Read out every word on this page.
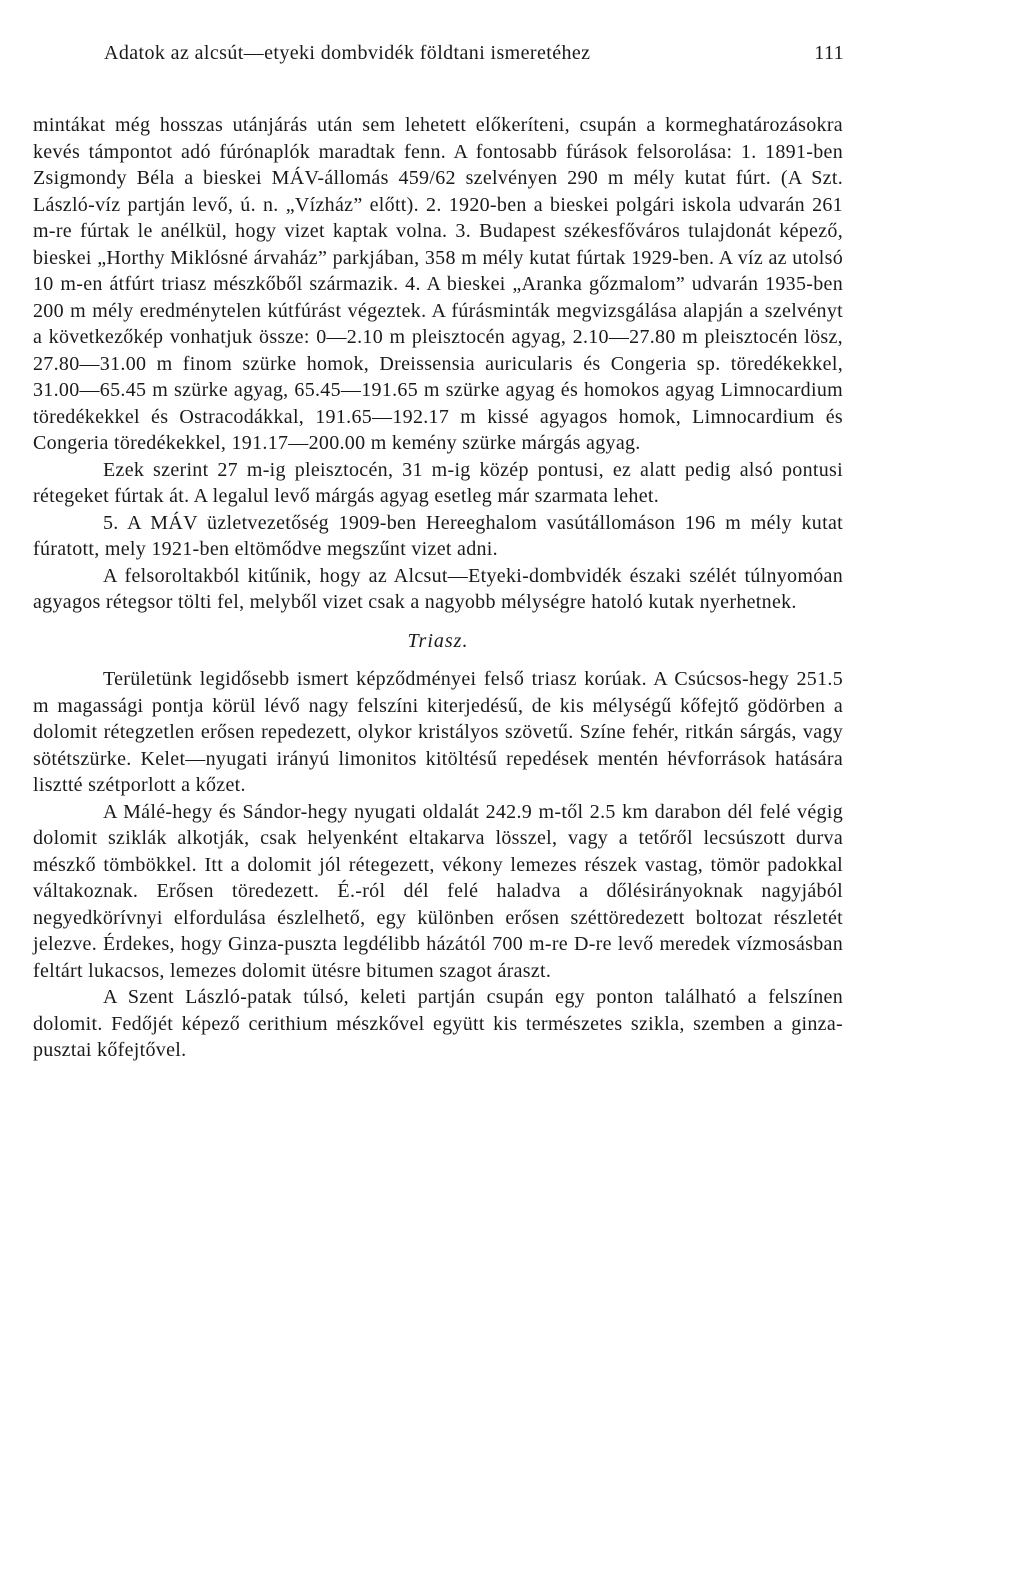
Adatok az alcsút—etyeki dombvidék földtani ismeretéhez	111

mintákat még hosszas utánjárás után sem lehetett előkeríteni, csupán a kormeghatározásokra kevés támpontot adó fúrónaplók maradtak fenn. A fontosabb fúrások felsorolása: 1. 1891-ben Zsigmondy Béla a bieskei MÁV-állomás 459/62 szelvényen 290 m mély kutat fúrt. (A Szt. László-víz partján levő, ú. n. „Vízház” előtt). 2. 1920-ben a bieskei polgári iskola udvarán 261 m-re fúrtak le anélkül, hogy vizet kaptak volna. 3. Budapest székesfőváros tulajdonát képező, bieskei „Horthy Miklósné árvaház” parkjában, 358 m mély kutat fúrtak 1929-ben. A víz az utolsó 10 m-en átfúrt triasz mészkőből származik. 4. A bieskei „Aranka gőzmalom” udvarán 1935-ben 200 m mély eredménytelen kútfúrást végeztek. A fúrásminták megvizsgálása alapján a szelvényt a következőkép vonhatjuk össze: 0—2.10 m pleisztocén agyag, 2.10—27.80 m pleisztocén lösz, 27.80—31.00 m finom szürke homok, Dreissensia auricularis és Congeria sp. töredékekkel, 31.00—65.45 m szürke agyag, 65.45—191.65 m szürke agyag és homokos agyag Limnocardium töredékekkel és Ostracodákkal, 191.65—192.17 m kissé agyagos homok, Limnocardium és Congeria töredékekkel, 191.17—200.00 m kemény szürke márgás agyag.

Ezek szerint 27 m-ig pleisztocén, 31 m-ig közép pontusi, ez alatt pedig alsó pontusi rétegeket fúrtak át. A legalul levő márgás agyag esetleg már szarmata lehet.

5. A MÁV üzletvezetőség 1909-ben Hereeghalom vasútállomáson 196 m mély kutat fúratott, mely 1921-ben eltömődve megszűnt vizet adni.

A felsoroltakból kitűnik, hogy az Alcsut—Etyeki-dombvidék északi szélét túlnyomóan agyagos rétegsor tölti fel, melyből vizet csak a nagyobb mélységre hatoló kutak nyerhetnek.

Triasz.

Területünk legidősebb ismert képződményei felső triasz korúak. A Csúcsos-hegy 251.5 m magassági pontja körül lévő nagy felszíni kiterjedésű, de kis mélységű kőfejtő gödörben a dolomit rétegzetlen erősen repedezett, olykor kristályos szövetű. Színe fehér, ritkán sárgás, vagy sötétszürke. Kelet—nyugati irányú limonitos kitöltésű repedések mentén hévforrások hatására lisztté szétporlott a kőzet.

A Málé-hegy és Sándor-hegy nyugati oldalát 242.9 m-től 2.5 km darabon dél felé végig dolomit sziklák alkotják, csak helyenként eltakarva lösszel, vagy a tetőről lecsúszott durva mészkő tömbökkel. Itt a dolomit jól rétegezett, vékony lemezes részek vastag, tömör padokkal váltakoznak. Erősen töredezett. É.-ról dél felé haladva a dőlésirányoknak nagyjából negyedkörívnyi elfordulása észlelhető, egy különben erősen széttöredezett boltozat részletét jelezve. Érdekes, hogy Ginza-puszta legdélibb házától 700 m-re D-re levő meredek vízmosásban feltárt lukacsos, lemezes dolomit ütésre bitumen szagot áraszt.

A Szent László-patak túlsó, keleti partján csupán egy ponton található a felszínen dolomit. Fedőjét képező cerithium mészkővel együtt kis természetes szikla, szemben a ginza-pusztai kőfejtővel.
